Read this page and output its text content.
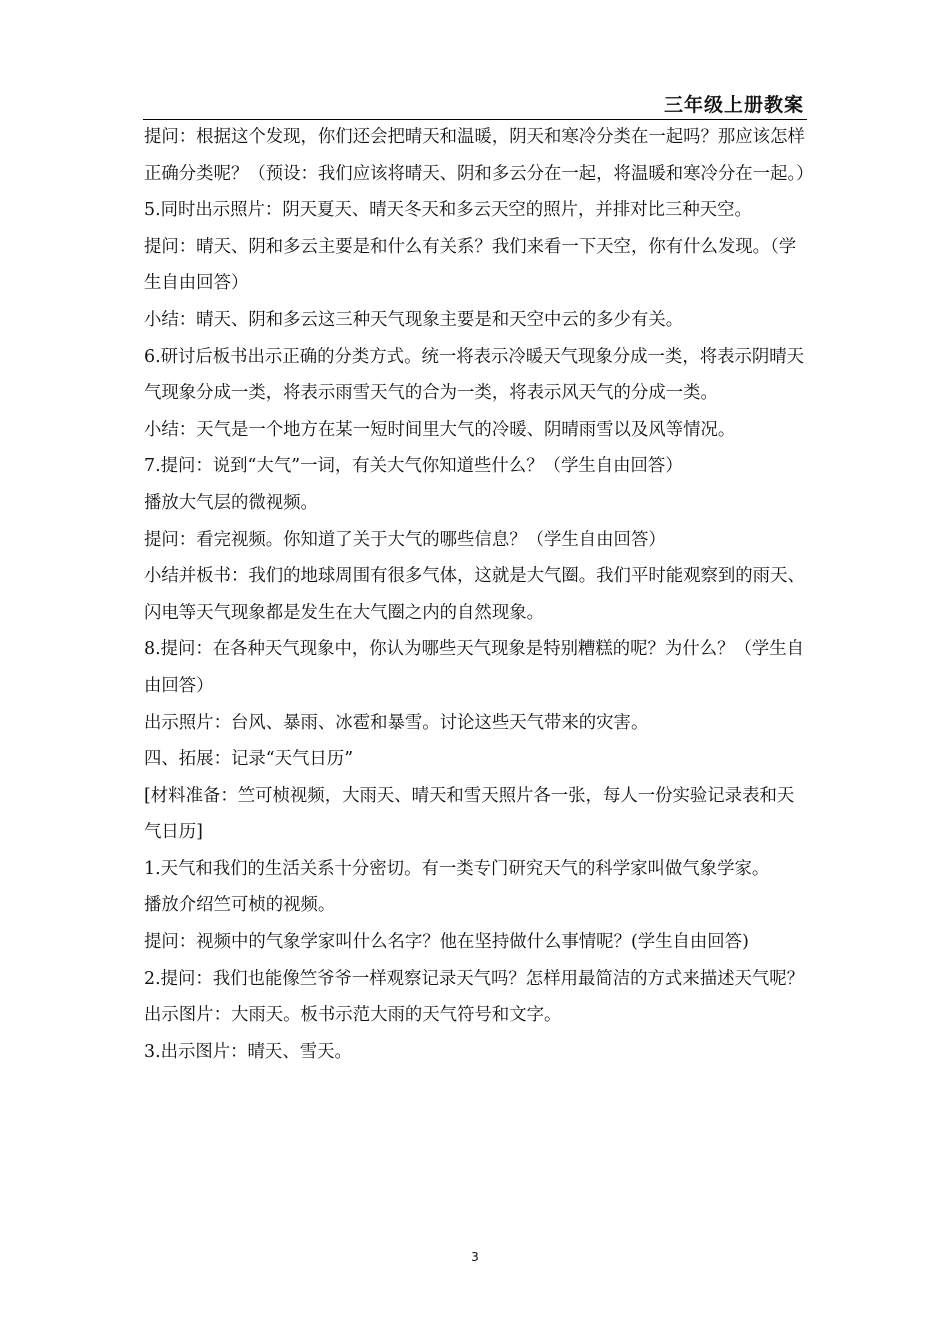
三年级上册教案

提问：根据这个发现，你们还会把晴天和温暖，阴天和寒冷分类在一起吗？那应该怎样正确分类呢？（预设：我们应该将晴天、阴和多云分在一起，将温暖和寒冷分在一起。）

5.同时出示照片：阴天夏天、晴天冬天和多云天空的照片，并排对比三种天空。

提问：晴天、阴和多云主要是和什么有关系？我们来看一下天空，你有什么发现。（学生自由回答）

小结：晴天、阴和多云这三种天气现象主要是和天空中云的多少有关。

6.研讨后板书出示正确的分类方式。统一将表示冷暖天气现象分成一类，将表示阴晴天气现象分成一类，将表示雨雪天气的合为一类，将表示风天气的分成一类。

小结：天气是一个地方在某一短时间里大气的冷暖、阴晴雨雪以及风等情况。

7.提问：说到“大气”一词，有关大气你知道些什么？（学生自由回答）

播放大气层的微视频。

提问：看完视频。你知道了关于大气的哪些信息？（学生自由回答）

小结并板书：我们的地球周围有很多气体，这就是大气圈。我们平时能观察到的雨天、闪电等天气现象都是发生在大气圈之内的自然现象。

8.提问：在各种天气现象中，你认为哪些天气现象是特别糟糕的呢？为什么？（学生自由回答）

出示照片：台风、暴雨、冰雹和暴雪。讨论这些天气带来的灾害。

四、拓展：记录“天气日历”

[材料准备：竺可桢视频，大雨天、晴天和雪天照片各一张，每人一份实验记录表和天气日历]

1.天气和我们的生活关系十分密切。有一类专门研究天气的科学家叫做气象学家。

播放介绍竺可桢的视频。

提问：视频中的气象学家叫什么名字？他在坚持做什么事情呢？(学生自由回答)

2.提问：我们也能像竺爷爷一样观察记录天气吗？怎样用最简洁的方式来描述天气呢？

出示图片：大雨天。板书示范大雨的天气符号和文字。

3.出示图片：晴天、雪天。

3
